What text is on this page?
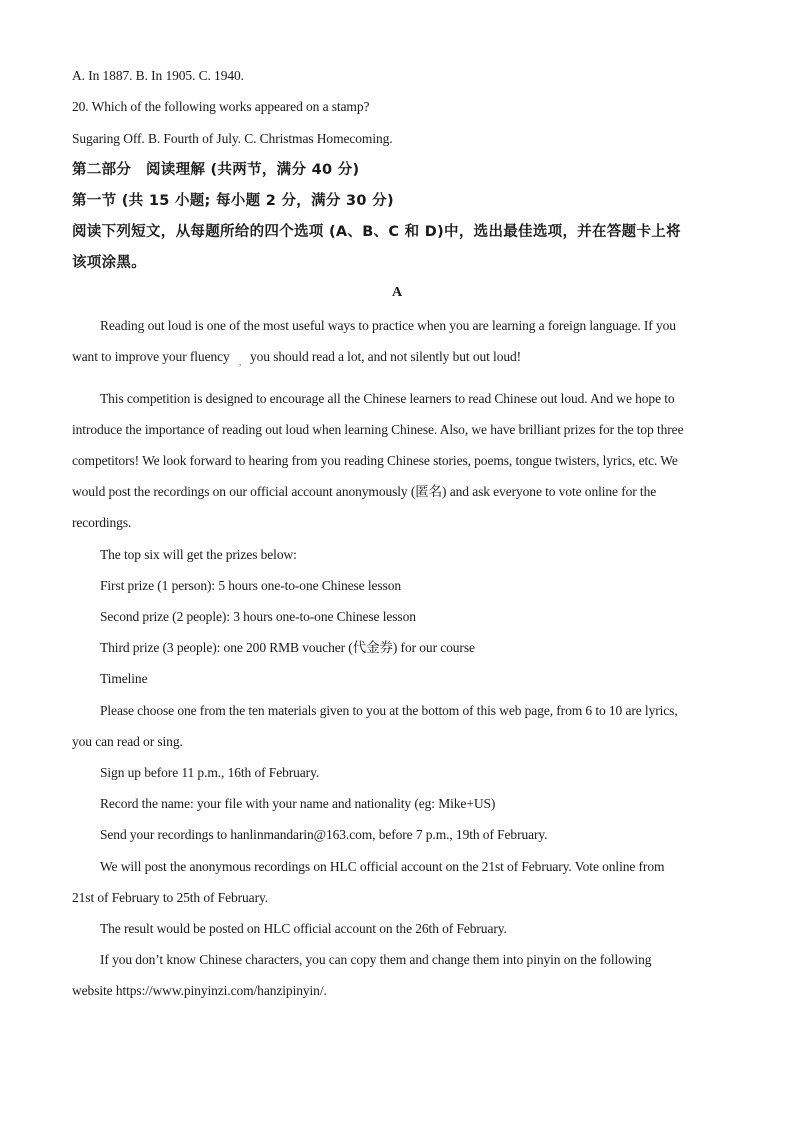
A. In 1887. B. In 1905. C. 1940.
20. Which of the following works appeared on a stamp?
Sugaring Off. B. Fourth of July. C. Christmas Homecoming.
第二部分　阅读理解 (共两节，满分 40 分)
第一节 (共 15 小题; 每小题 2 分，满分 30 分)
阅读下列短文，从每题所给的四个选项 (A、B、C 和 D)中，选出最佳选项，并在答题卡上将
该项涂黑。
A
Reading out loud is one of the most useful ways to practice when you are learning a foreign language. If you
want to improve your fluency , you should read a lot, and not silently but out loud!
This competition is designed to encourage all the Chinese learners to read Chinese out loud. And we hope to
introduce the importance of reading out loud when learning Chinese. Also, we have brilliant prizes for the top three
competitors! We look forward to hearing from you reading Chinese stories, poems, tongue twisters, lyrics, etc. We
would post the recordings on our official account anonymously (匿名) and ask everyone to vote online for the
recordings.
The top six will get the prizes below:
First prize (1 person): 5 hours one-to-one Chinese lesson
Second prize (2 people): 3 hours one-to-one Chinese lesson
Third prize (3 people): one 200 RMB voucher (代金券) for our course
Timeline
Please choose one from the ten materials given to you at the bottom of this web page, from 6 to 10 are lyrics,
you can read or sing.
Sign up before 11 p.m., 16th of February.
Record the name: your file with your name and nationality (eg: Mike+US)
Send your recordings to hanlinmandarin@163.com, before 7 p.m., 19th of February.
We will post the anonymous recordings on HLC official account on the 21st of February. Vote online from
21st of February to 25th of February.
The result would be posted on HLC official account on the 26th of February.
If you don’t know Chinese characters, you can copy them and change them into pinyin on the following
website https://www.pinyinzi.com/hanzipinyin/.
